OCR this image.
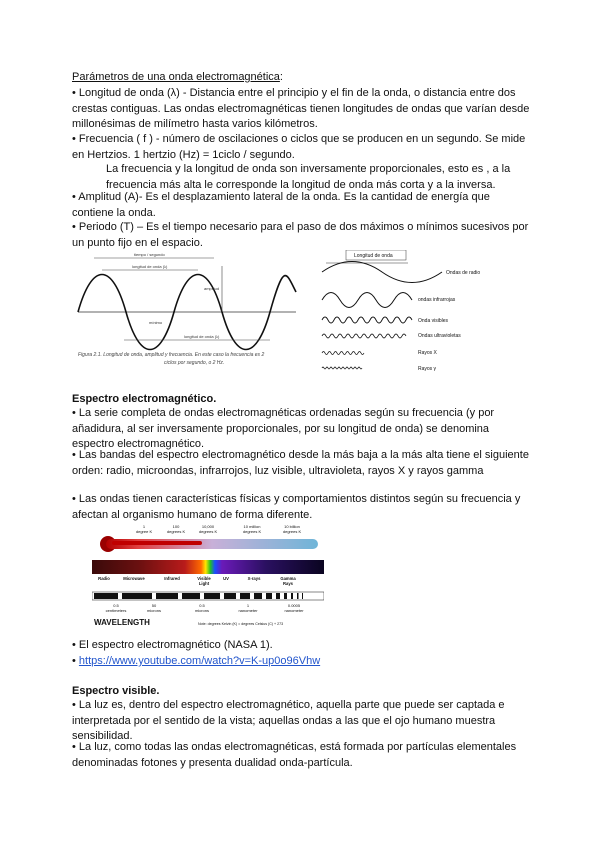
Parámetros de una onda electromagnética:
• Longitud de onda (λ) - Distancia entre el principio y el fin de la onda, o distancia entre dos crestas contiguas. Las ondas electromagnéticas tienen longitudes de ondas que varían desde millonésimas de milímetro hasta varios kilómetros.
• Frecuencia ( f ) - número de oscilaciones o ciclos que se producen en un segundo. Se mide en Hertzios. 1 hertzio (Hz) = 1ciclo / segundo.
La frecuencia y la longitud de onda son inversamente proporcionales, esto es , a la frecuencia más alta le corresponde la longitud de onda más corta y a la inversa.
• Amplitud (A)- Es el desplazamiento lateral de la onda. Es la cantidad de energía que contiene la onda.
• Periodo (T) – Es el tiempo necesario para el paso de dos máximos o mínimos sucesivos por un punto fijo en el espacio.
tiempo / segundo
longitud de onda (λ)
amplitud
mínimo
longitud de onda (λ)
Figura 2.1. Longitud de onda, amplitud y frecuencia. En este caso la frecuencia es 2
ciclos por segundo, o 2 Hz.
Longitud de onda
Ondas de radio
ondas infrarrojas
Onda visibles
Ondas ultravioletas
Rayos X
Rayos γ
Espectro electromagnético.
• La serie completa de ondas electromagnéticas ordenadas según su frecuencia (y por añadidura, al ser inversamente proporcionales, por su longitud de onda) se denomina espectro electromagnético.
• Las bandas del espectro electromagnético desde la más baja a la más alta tiene el siguiente orden: radio, microondas, infrarrojos, luz visible, ultravioleta, rayos X y rayos gamma
• Las ondas tienen características físicas y comportamientos distintos según su frecuencia y afectan al organismo humano de forma diferente.
1
degree K
100
degrees K
10,000
degrees K
10 million
degrees K
10 billion
degrees K
Radio	Microwave	Infrared	Visible
Light
UV	X-rays	Gamma
Rays
0.5
centimeters
50
microns
0.5
microns
1
nanometer
0.0005
nanometer
WAVELENGTH	Note: degrees Kelvin (K) = degrees Celsius (C) + 273
• El espectro electromagnético (NASA 1).
• https://www.youtube.com/watch?v=K-up0o96Vhw
Espectro visible.
• La luz es, dentro del espectro electromagnético, aquella parte que puede ser captada e interpretada por el sentido de la vista; aquellas ondas a las que el ojo humano muestra sensibilidad.
• La luz, como todas las ondas electromagnéticas, está formada por partículas elementales denominadas fotones y presenta dualidad onda-partícula.
